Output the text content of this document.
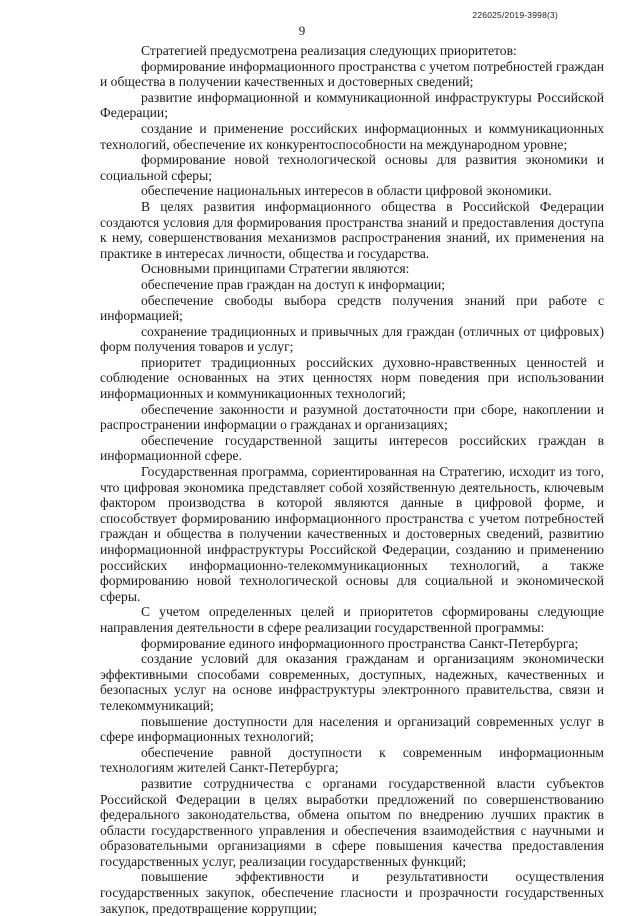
226025/2019-3998(3)
9

Стратегией предусмотрена реализация следующих приоритетов:

формирование информационного пространства с учетом потребностей граждан и общества в получении качественных и достоверных сведений;

развитие информационной и коммуникационной инфраструктуры Российской Федерации;

создание и применение российских информационных и коммуникационных технологий, обеспечение их конкурентоспособности на международном уровне;

формирование новой технологической основы для развития экономики и социальной сферы;

обеспечение национальных интересов в области цифровой экономики.

В целях развития информационного общества в Российской Федерации создаются условия для формирования пространства знаний и предоставления доступа к нему, совершенствования механизмов распространения знаний, их применения на практике в интересах личности, общества и государства.

Основными принципами Стратегии являются:

обеспечение прав граждан на доступ к информации;

обеспечение свободы выбора средств получения знаний при работе с информацией;

сохранение традиционных и привычных для граждан (отличных от цифровых) форм получения товаров и услуг;

приоритет традиционных российских духовно-нравственных ценностей и соблюдение основанных на этих ценностях норм поведения при использовании информационных и коммуникационных технологий;

обеспечение законности и разумной достаточности при сборе, накоплении и распространении информации о гражданах и организациях;

обеспечение государственной защиты интересов российских граждан в информационной сфере.

Государственная программа, сориентированная на Стратегию, исходит из того, что цифровая экономика представляет собой хозяйственную деятельность, ключевым фактором производства в которой являются данные в цифровой форме, и способствует формированию информационного пространства с учетом потребностей граждан и общества в получении качественных и достоверных сведений, развитию информационной инфраструктуры Российской Федерации, созданию и применению российских информационно-телекоммуникационных технологий, а также формированию новой технологической основы для социальной и экономической сферы.

С учетом определенных целей и приоритетов сформированы следующие направления деятельности в сфере реализации государственной программы:

формирование единого информационного пространства Санкт-Петербурга;

создание условий для оказания гражданам и организациям экономически эффективными способами современных, доступных, надежных, качественных и безопасных услуг на основе инфраструктуры электронного правительства, связи и телекоммуникаций;

повышение доступности для населения и организаций современных услуг в сфере информационных технологий;

обеспечение равной доступности к современным информационным технологиям жителей Санкт-Петербурга;

развитие сотрудничества с органами государственной власти субъектов Российской Федерации в целях выработки предложений по совершенствованию федерального законодательства, обмена опытом по внедрению лучших практик в области государственного управления и обеспечения взаимодействия с научными и образовательными организациями в сфере повышения качества предоставления государственных услуг, реализации государственных функций;

повышение эффективности и результативности осуществления государственных закупок, обеспечение гласности и прозрачности государственных закупок, предотвращение коррупции;
